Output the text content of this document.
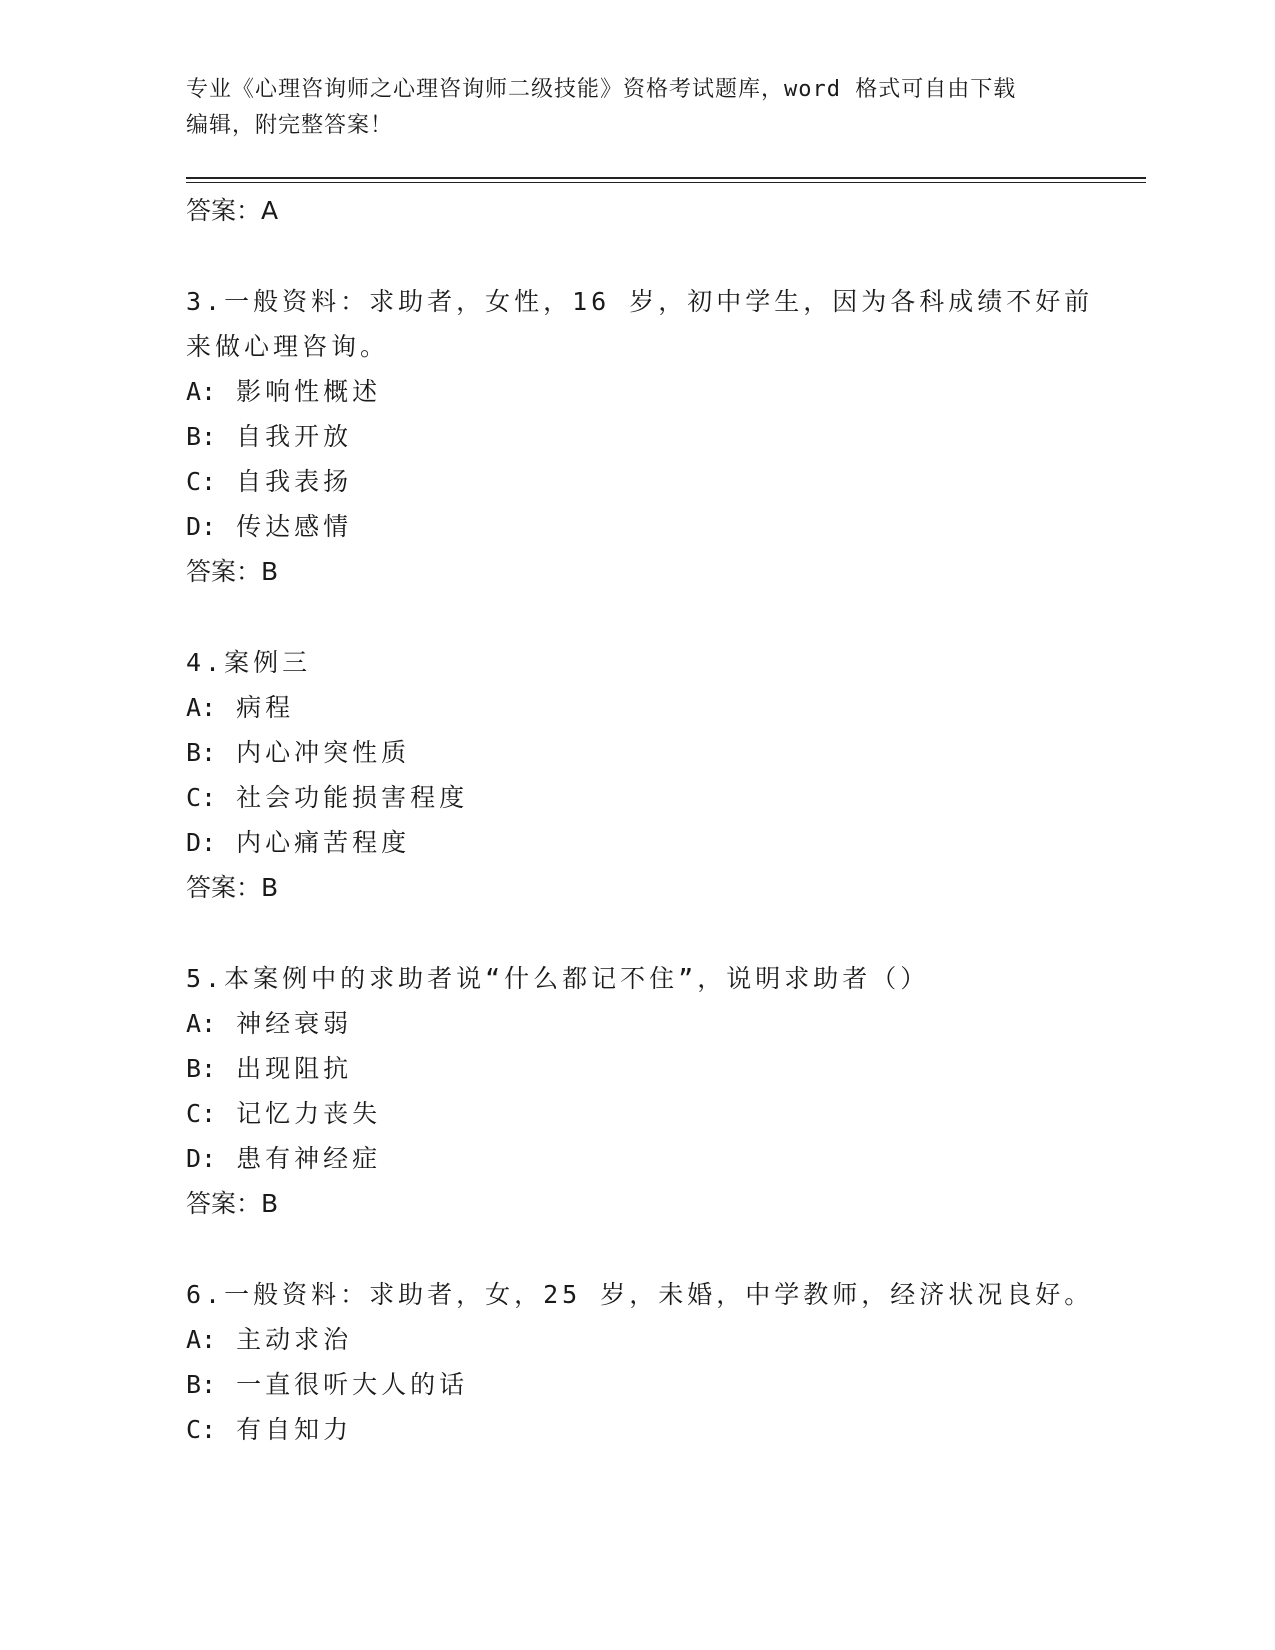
专业《心理咨询师之心理咨询师二级技能》资格考试题库，word 格式可自由下载
编辑，附完整答案！
答案：A
3.一般资料：求助者，女性，16 岁，初中学生，因为各科成绩不好前
来做心理咨询。
A: 影响性概述
B: 自我开放
C: 自我表扬
D: 传达感情
答案：B
4.案例三
A: 病程
B: 内心冲突性质
C: 社会功能损害程度
D: 内心痛苦程度
答案：B
5.本案例中的求助者说“什么都记不住”，说明求助者（）
A: 神经衰弱
B: 出现阻抗
C: 记忆力丧失
D: 患有神经症
答案：B
6.一般资料：求助者，女，25 岁，未婚，中学教师，经济状况良好。
A: 主动求治
B: 一直很听大人的话
C: 有自知力
